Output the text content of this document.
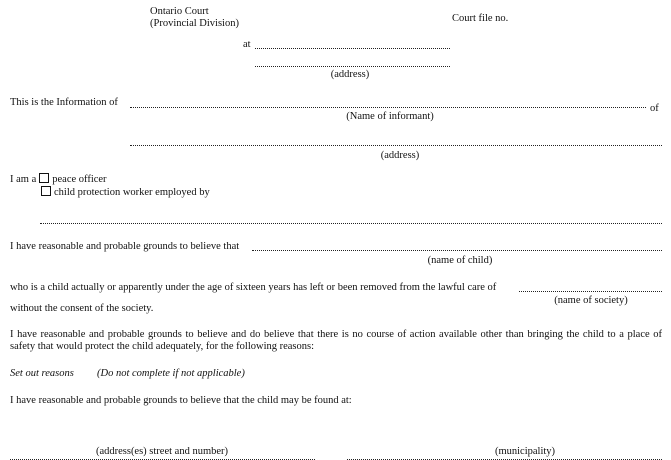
Ontario Court
(Provincial Division)	Court file no.
at
(address)
This is the Information of
of
(Name of informant)
(address)
I am a peace officer
child protection worker employed by
I have reasonable and probable grounds to believe that
(name of child)
who is a child actually or apparently under the age of sixteen years has left or been removed from the lawful care of
(name of society)
without the consent of the society.
I have reasonable and probable grounds to believe and do believe that there is no course of action available other than bringing the child to a place of safety that would protect the child adequately, for the following reasons:
Set out reasons (Do not complete if not applicable)
I have reasonable and probable grounds to believe that the child may be found at:
(address(es) street and number)	(municipality)
